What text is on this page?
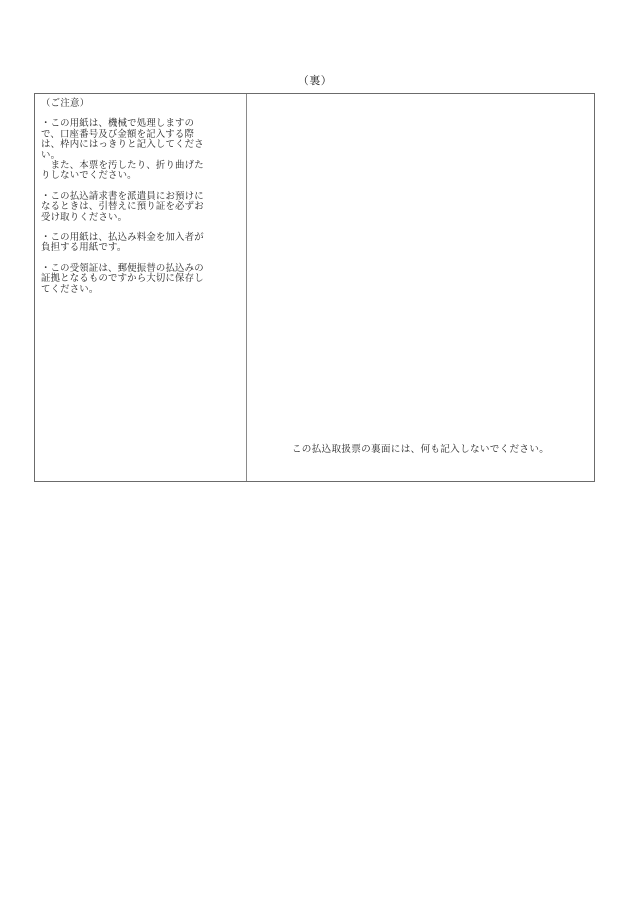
（裏）
（ご注意）
・この用紙は、機械で処理しますので、口座番号及び金額を記入する際は、枠内にはっきりと記入してください。
　また、本票を汚したり、折り曲げたりしないでください。
・この払込請求書を派遣員にお預けになるときは、引替えに預り証を必ずお受け取りください。
・この用紙は、払込み料金を加入者が負担する用紙です。
・この受領証は、郵便振替の払込みの証拠となるものですから大切に保存してください。
この払込取扱票の裏面には、何も記入しないでください。
